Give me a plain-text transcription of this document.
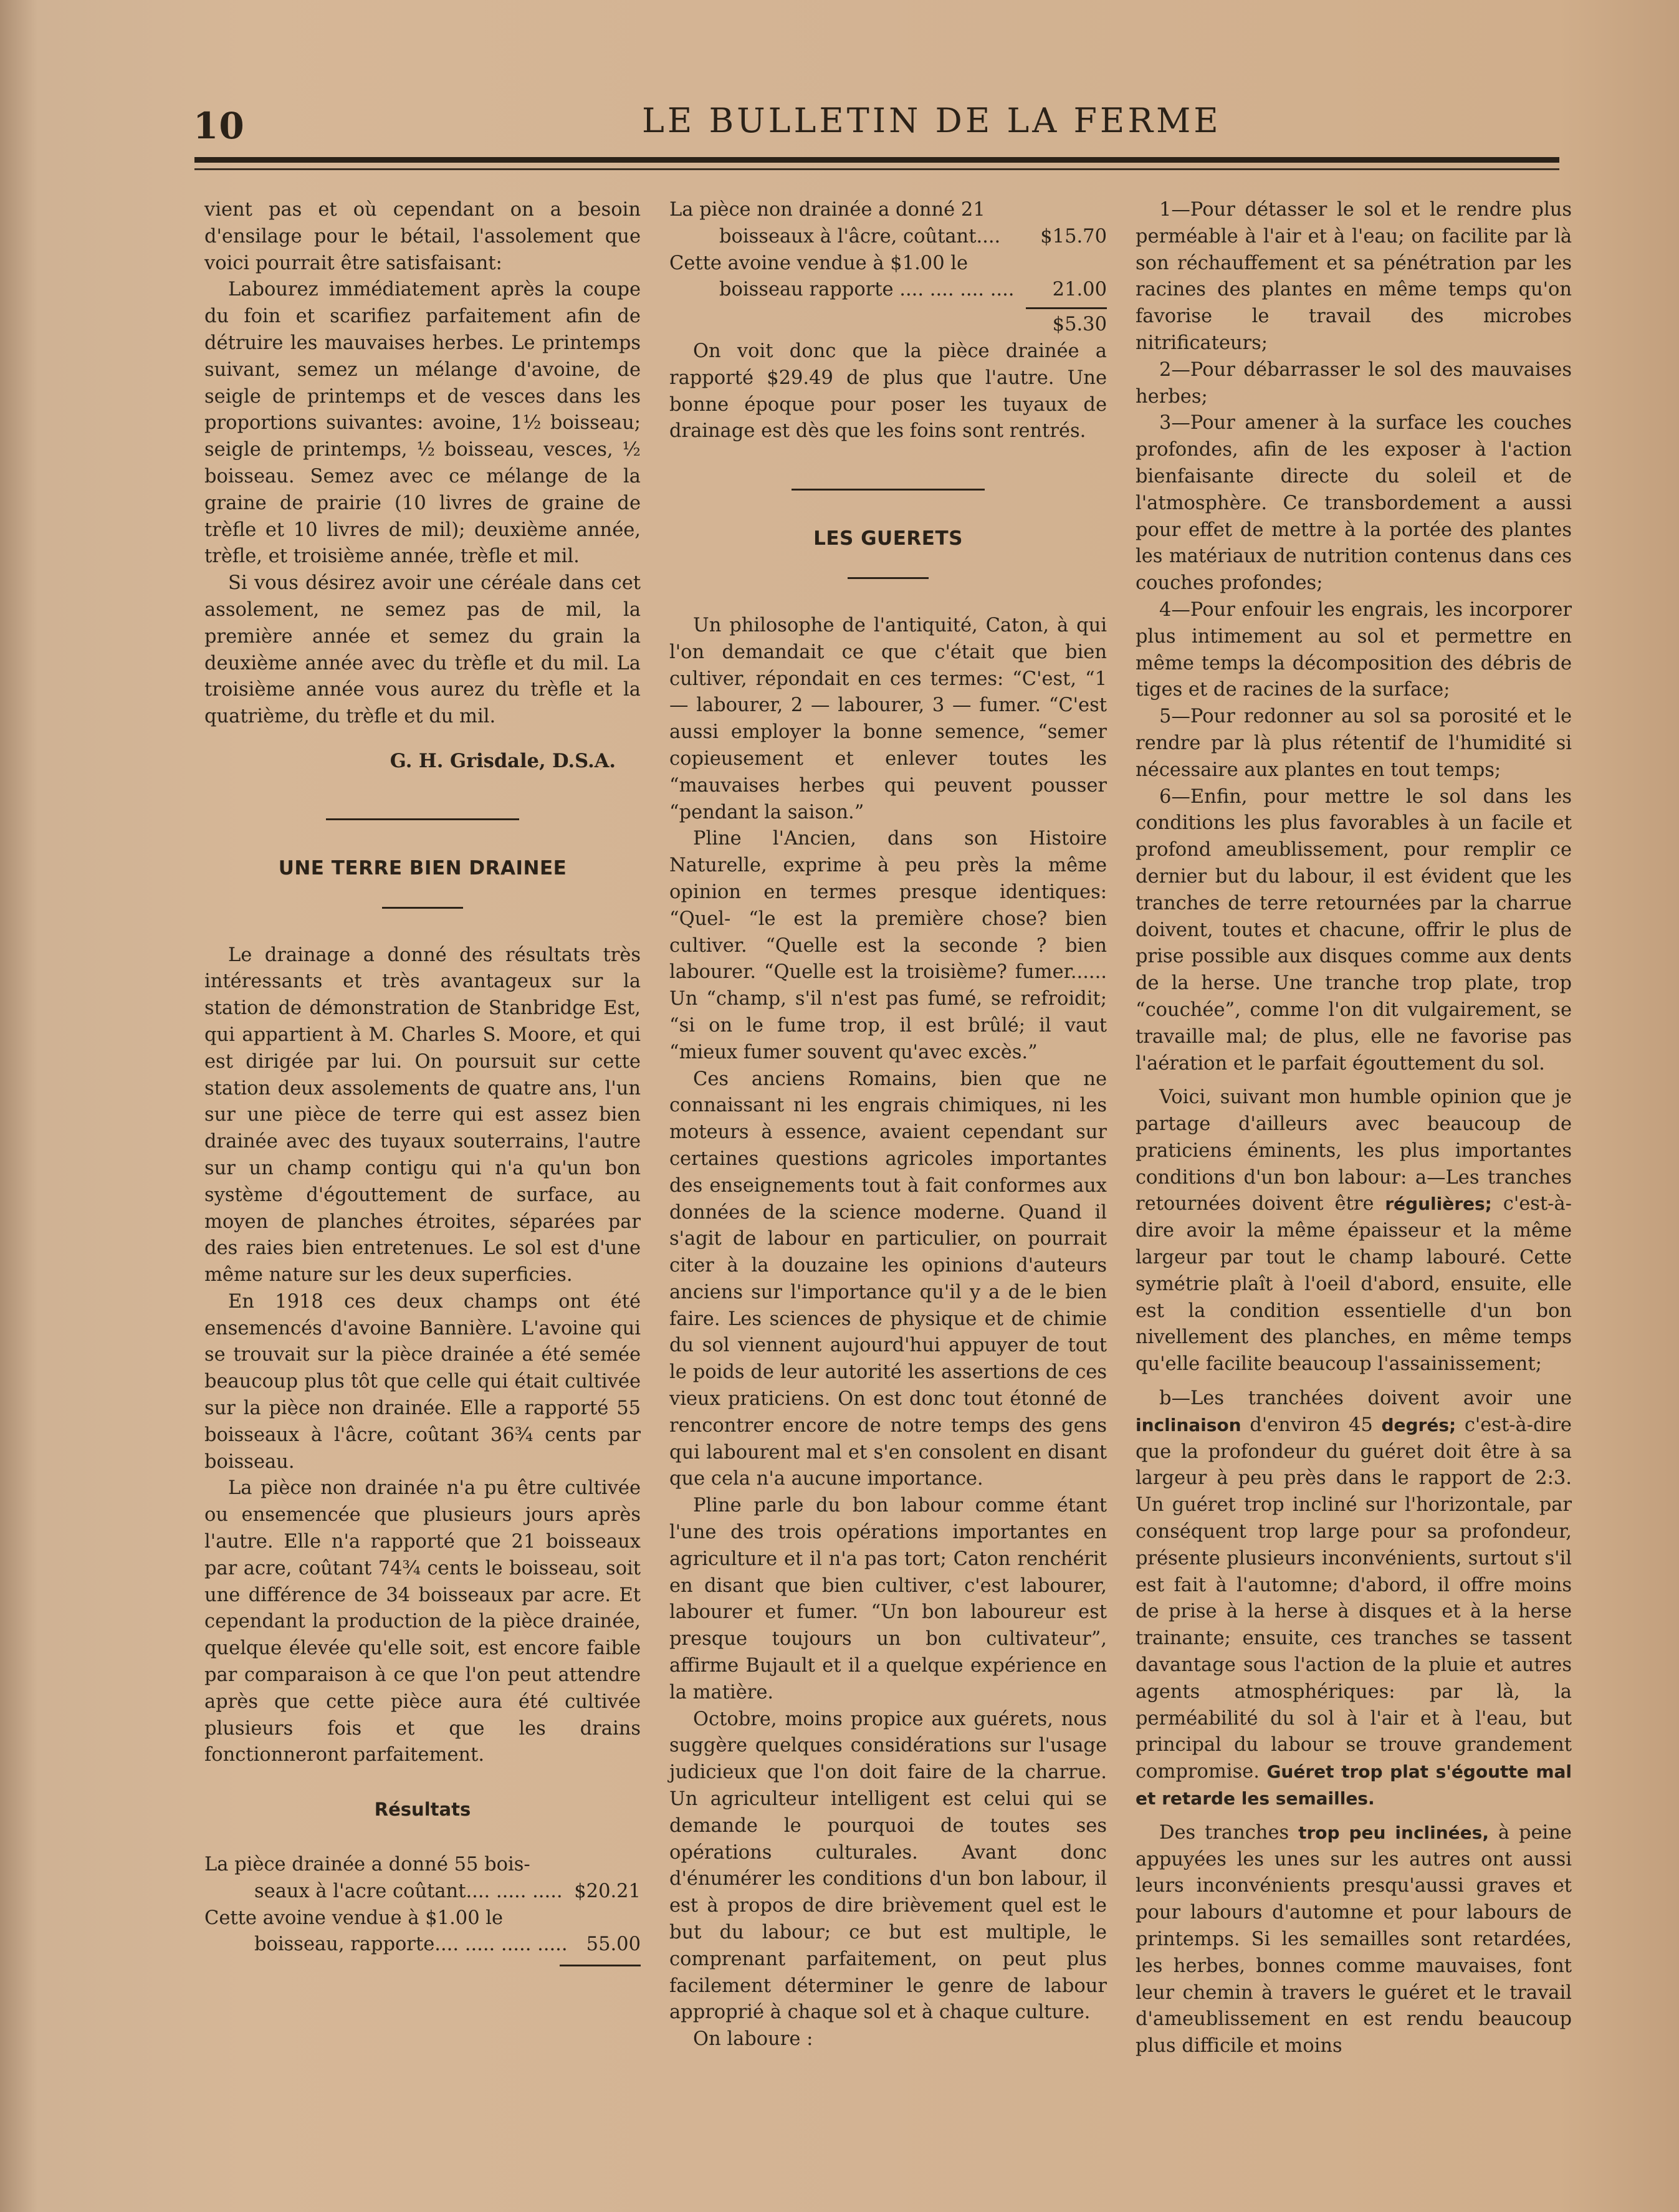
10	LE BULLETIN DE LA FERME

vient pas et où cependant on a besoin d'ensilage pour le bétail, l'assolement que voici pourrait être satisfaisant:

Labourez immédiatement après la coupe du foin et scarifiez parfaitement afin de détruire les mauvaises herbes. Le printemps suivant, semez un mélange d'avoine, de seigle de printemps et de vesces dans les proportions suivantes: avoine, 1½ boisseau; seigle de printemps, ½ boisseau, vesces, ½ boisseau. Semez avec ce mélange de la graine de prairie (10 livres de graine de trèfle et 10 livres de mil); deuxième année, trèfle, et troisième année, trèfle et mil.

Si vous désirez avoir une céréale dans cet assolement, ne semez pas de mil, la première année et semez du grain la deuxième année avec du trèfle et du mil. La troisième année vous aurez du trèfle et la quatrième, du trèfle et du mil.

G. H. Grisdale, D.S.A.

UNE TERRE BIEN DRAINEE

Le drainage a donné des résultats très intéressants et très avantageux sur la station de démonstration de Stanbridge Est, qui appartient à M. Charles S. Moore, et qui est dirigée par lui. On poursuit sur cette station deux assolements de quatre ans, l'un sur une pièce de terre qui est assez bien drainée avec des tuyaux souterrains, l'autre sur un champ contigu qui n'a qu'un bon système d'égouttement de surface, au moyen de planches étroites, séparées par des raies bien entretenues. Le sol est d'une même nature sur les deux superficies.

En 1918 ces deux champs ont été ensemencés d'avoine Bannière. L'avoine qui se trouvait sur la pièce drainée a été semée beaucoup plus tôt que celle qui était cultivée sur la pièce non drainée. Elle a rapporté 55 boisseaux à l'âcre, coûtant 36¾ cents par boisseau.

La pièce non drainée n'a pu être cultivée ou ensemencée que plusieurs jours après l'autre. Elle n'a rapporté que 21 boisseaux par acre, coûtant 74¾ cents le boisseau, soit une différence de 34 boisseaux par acre. Et cependant la production de la pièce drainée, quelque élevée qu'elle soit, est encore faible par comparaison à ce que l'on peut attendre après que cette pièce aura été cultivée plusieurs fois et que les drains fonctionneront parfaitement.

Résultats

La pièce drainée a donné 55 bois-

seaux à l'acre coûtant.... ..... ..... $20.21

Cette avoine vendue à $1.00 le

boisseau, rapporte.... ..... ..... ..... 55.00

La pièce non drainée a donné 21

boisseaux à l'âcre, coûtant.... $15.70

Cette avoine vendue à $1.00 le

boisseau rapporte .... .... .... .... 21.00
$5.30

On voit donc que la pièce drainée a rapporté $29.49 de plus que l'autre. Une bonne époque pour poser les tuyaux de drainage est dès que les foins sont rentrés.

LES GUERETS

Un philosophe de l'antiquité, Caton, à qui l'on demandait ce que c'était que bien cultiver, répondait en ces termes: “C'est, “1 — labourer, 2 — labourer, 3 — fumer. “C'est aussi employer la bonne semence, “semer copieusement et enlever toutes les “mauvaises herbes qui peuvent pousser “pendant la saison.”

Pline l'Ancien, dans son Histoire Naturelle, exprime à peu près la même opinion en termes presque identiques: “Quel- “le est la première chose? bien cultiver. “Quelle est la seconde ? bien labourer. “Quelle est la troisième? fumer...... Un “champ, s'il n'est pas fumé, se refroidit; “si on le fume trop, il est brûlé; il vaut “mieux fumer souvent qu'avec excès.”

Ces anciens Romains, bien que ne connaissant ni les engrais chimiques, ni les moteurs à essence, avaient cependant sur certaines questions agricoles importantes des enseignements tout à fait conformes aux données de la science moderne. Quand il s'agit de labour en particulier, on pourrait citer à la douzaine les opinions d'auteurs anciens sur l'importance qu'il y a de le bien faire. Les sciences de physique et de chimie du sol viennent aujourd'hui appuyer de tout le poids de leur autorité les assertions de ces vieux praticiens. On est donc tout étonné de rencontrer encore de notre temps des gens qui labourent mal et s'en consolent en disant que cela n'a aucune importance.

Pline parle du bon labour comme étant l'une des trois opérations importantes en agriculture et il n'a pas tort; Caton renchérit en disant que bien cultiver, c'est labourer, labourer et fumer. “Un bon laboureur est presque toujours un bon cultivateur”, affirme Bujault et il a quelque expérience en la matière.

Octobre, moins propice aux guérets, nous suggère quelques considérations sur l'usage judicieux que l'on doit faire de la charrue. Un agriculteur intelligent est celui qui se demande le pourquoi de toutes ses opérations culturales. Avant donc d'énumérer les conditions d'un bon labour, il est à propos de dire brièvement quel est le but du labour; ce but est multiple, le comprenant parfaitement, on peut plus facilement déterminer le genre de labour approprié à chaque sol et à chaque culture.

On laboure :

1—Pour détasser le sol et le rendre plus perméable à l'air et à l'eau; on facilite par là son réchauffement et sa pénétration par les racines des plantes en même temps qu'on favorise le travail des microbes nitrificateurs;

2—Pour débarrasser le sol des mauvaises herbes;

3—Pour amener à la surface les couches profondes, afin de les exposer à l'action bienfaisante directe du soleil et de l'atmosphère. Ce transbordement a aussi pour effet de mettre à la portée des plantes les matériaux de nutrition contenus dans ces couches profondes;

4—Pour enfouir les engrais, les incorporer plus intimement au sol et permettre en même temps la décomposition des débris de tiges et de racines de la surface;

5—Pour redonner au sol sa porosité et le rendre par là plus rétentif de l'humidité si nécessaire aux plantes en tout temps;

6—Enfin, pour mettre le sol dans les conditions les plus favorables à un facile et profond ameublissement, pour remplir ce dernier but du labour, il est évident que les tranches de terre retournées par la charrue doivent, toutes et chacune, offrir le plus de prise possible aux disques comme aux dents de la herse. Une tranche trop plate, trop “couchée”, comme l'on dit vulgairement, se travaille mal; de plus, elle ne favorise pas l'aération et le parfait égouttement du sol.

Voici, suivant mon humble opinion que je partage d'ailleurs avec beaucoup de praticiens éminents, les plus importantes conditions d'un bon labour: a—Les tranches retournées doivent être régulières; c'est-à-dire avoir la même épaisseur et la même largeur par tout le champ labouré. Cette symétrie plaît à l'oeil d'abord, ensuite, elle est la condition essentielle d'un bon nivellement des planches, en même temps qu'elle facilite beaucoup l'assainissement;

b—Les tranchées doivent avoir une inclinaison d'environ 45 degrés; c'est-à-dire que la profondeur du guéret doit être à sa largeur à peu près dans le rapport de 2:3. Un guéret trop incliné sur l'horizontale, par conséquent trop large pour sa profondeur, présente plusieurs inconvénients, surtout s'il est fait à l'automne; d'abord, il offre moins de prise à la herse à disques et à la herse trainante; ensuite, ces tranches se tassent davantage sous l'action de la pluie et autres agents atmosphériques: par là, la perméabilité du sol à l'air et à l'eau, but principal du labour se trouve grandement compromise. Guéret trop plat s'égoutte mal et retarde les semailles.

Des tranches trop peu inclinées, à peine appuyées les unes sur les autres ont aussi leurs inconvénients presqu'aussi graves et pour labours d'automne et pour labours de printemps. Si les semailles sont retardées, les herbes, bonnes comme mauvaises, font leur chemin à travers le guéret et le travail d'ameublissement en est rendu beaucoup plus difficile et moins
